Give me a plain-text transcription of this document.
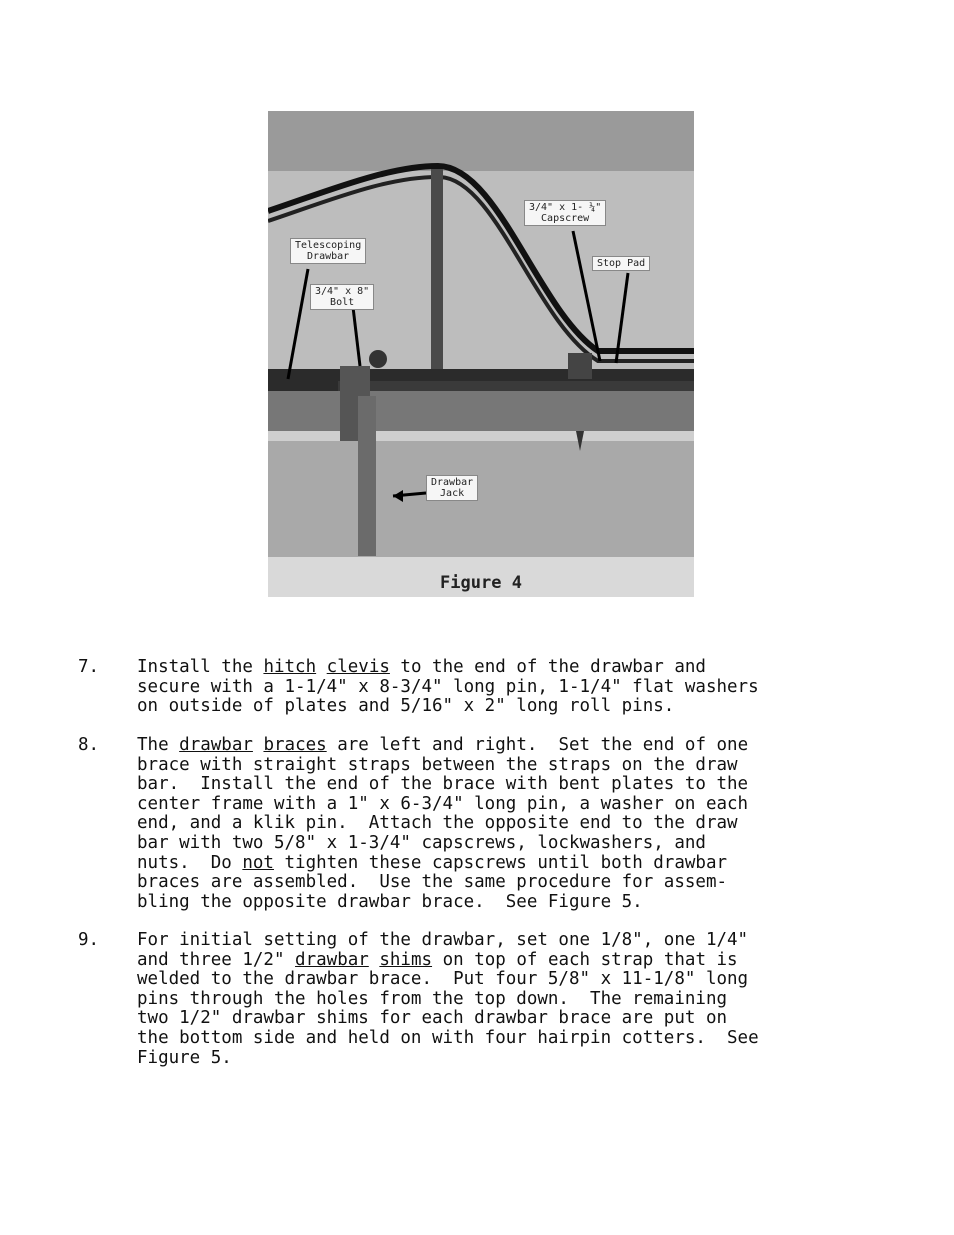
3/4" x 1- ¼"
Capscrew
Telescoping
Drawbar
3/4" x 8"
Bolt
Stop Pad
Drawbar
Jack
Figure 4
7. Install the hitch clevis to the end of the drawbar and
secure with a 1-1/4" x 8-3/4" long pin, 1-1/4" flat washers
on outside of plates and 5/16" x 2" long roll pins.
8. The drawbar braces are left and right.  Set the end of one
brace with straight straps between the straps on the draw
bar.  Install the end of the brace with bent plates to the
center frame with a 1" x 6-3/4" long pin, a washer on each
end, and a klik pin.  Attach the opposite end to the draw
bar with two 5/8" x 1-3/4" capscrews, lockwashers, and
nuts.  Do not tighten these capscrews until both drawbar
braces are assembled.  Use the same procedure for assem-
bling the opposite drawbar brace.  See Figure 5.
9. For initial setting of the drawbar, set one 1/8", one 1/4"
and three 1/2" drawbar shims on top of each strap that is
welded to the drawbar brace.  Put four 5/8" x 11-1/8" long
pins through the holes from the top down.  The remaining
two 1/2" drawbar shims for each drawbar brace are put on
the bottom side and held on with four hairpin cotters.  See
Figure 5.
